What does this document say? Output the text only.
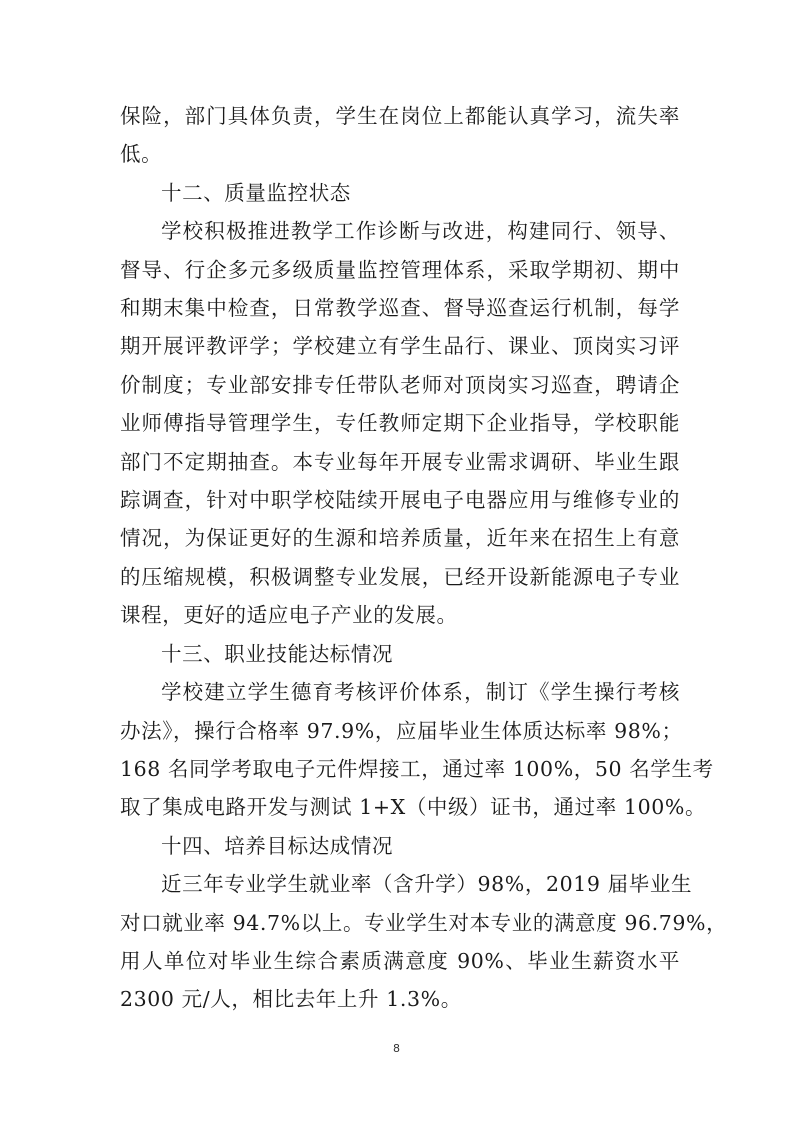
保险，部门具体负责，学生在岗位上都能认真学习，流失率
低。

十二、质量监控状态

学校积极推进教学工作诊断与改进，构建同行、领导、
督导、行企多元多级质量监控管理体系，采取学期初、期中
和期末集中检查，日常教学巡查、督导巡查运行机制，每学
期开展评教评学；学校建立有学生品行、课业、顶岗实习评
价制度；专业部安排专任带队老师对顶岗实习巡查，聘请企
业师傅指导管理学生，专任教师定期下企业指导，学校职能
部门不定期抽查。本专业每年开展专业需求调研、毕业生跟
踪调查，针对中职学校陆续开展电子电器应用与维修专业的
情况，为保证更好的生源和培养质量，近年来在招生上有意
的压缩规模，积极调整专业发展，已经开设新能源电子专业
课程，更好的适应电子产业的发展。

十三、职业技能达标情况

学校建立学生德育考核评价体系，制订《学生操行考核
办法》，操行合格率 97.9%，应届毕业生体质达标率 98%；
168 名同学考取电子元件焊接工，通过率 100%，50 名学生考
取了集成电路开发与测试 1+X（中级）证书，通过率 100%。

十四、培养目标达成情况

近三年专业学生就业率（含升学）98%，2019 届毕业生
对口就业率 94.7%以上。专业学生对本专业的满意度 96.79%，
用人单位对毕业生综合素质满意度 90%、毕业生薪资水平
2300 元/人，相比去年上升 1.3%。

8
